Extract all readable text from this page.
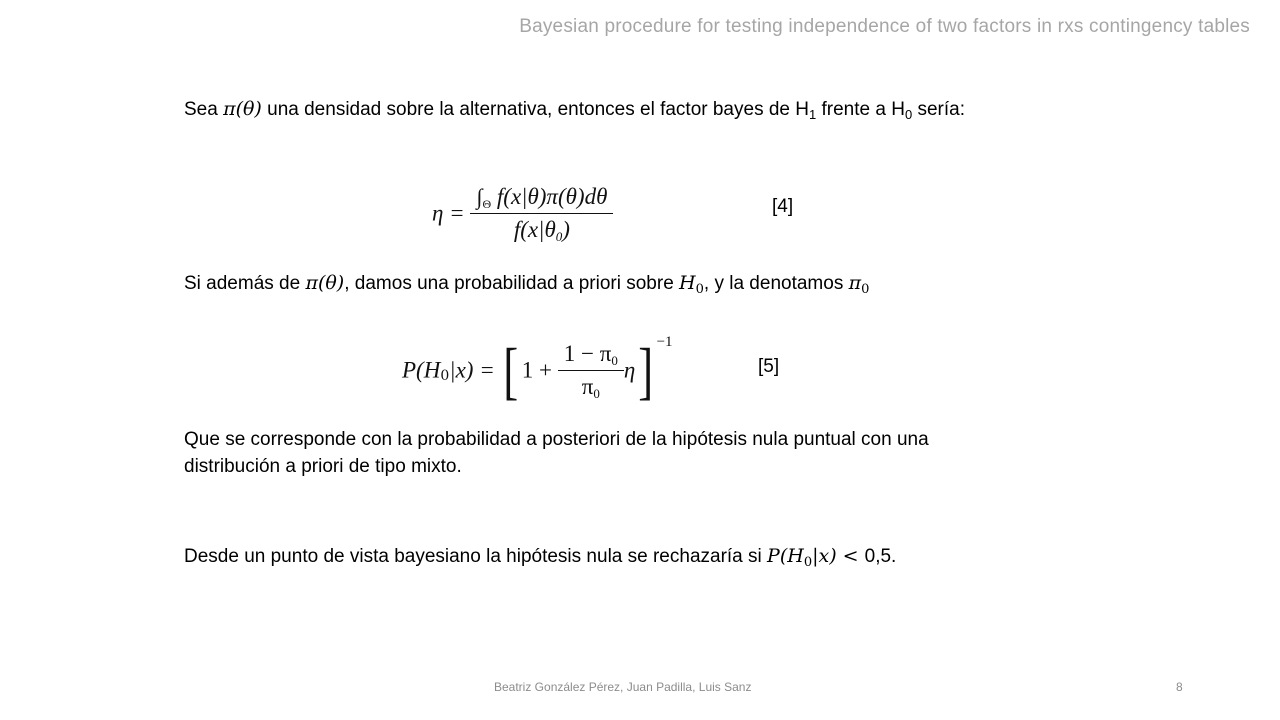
Bayesian procedure for testing independence of two factors in rxs contingency tables
Sea π(θ) una densidad sobre la alternativa, entonces el factor bayes de $H_1$ frente a $H_0$ sería:
$\eta = \frac{\int_\Theta f(x|\theta)\pi(\theta)d\theta}{f(x|\theta_0)}$	[4]
Si además de π(θ), damos una probabilidad a priori sobre $H_0$, y la denotamos $\pi_0$
$P(H_0|x)$ = [ $1 + \frac{1 - \pi_0}{\pi_0} \eta$] $^{-1}$
[5]
Que se corresponde con la probabilidad a posteriori de la hipótesis nula puntual con una
distribución a priori de tipo mixto.
Desde un punto de vista bayesiano la hipótesis nula se rechazaría si $P(H_0|x) < 0,5$.
Beatriz González Pérez, Juan Padilla, Luis Sanz	8
